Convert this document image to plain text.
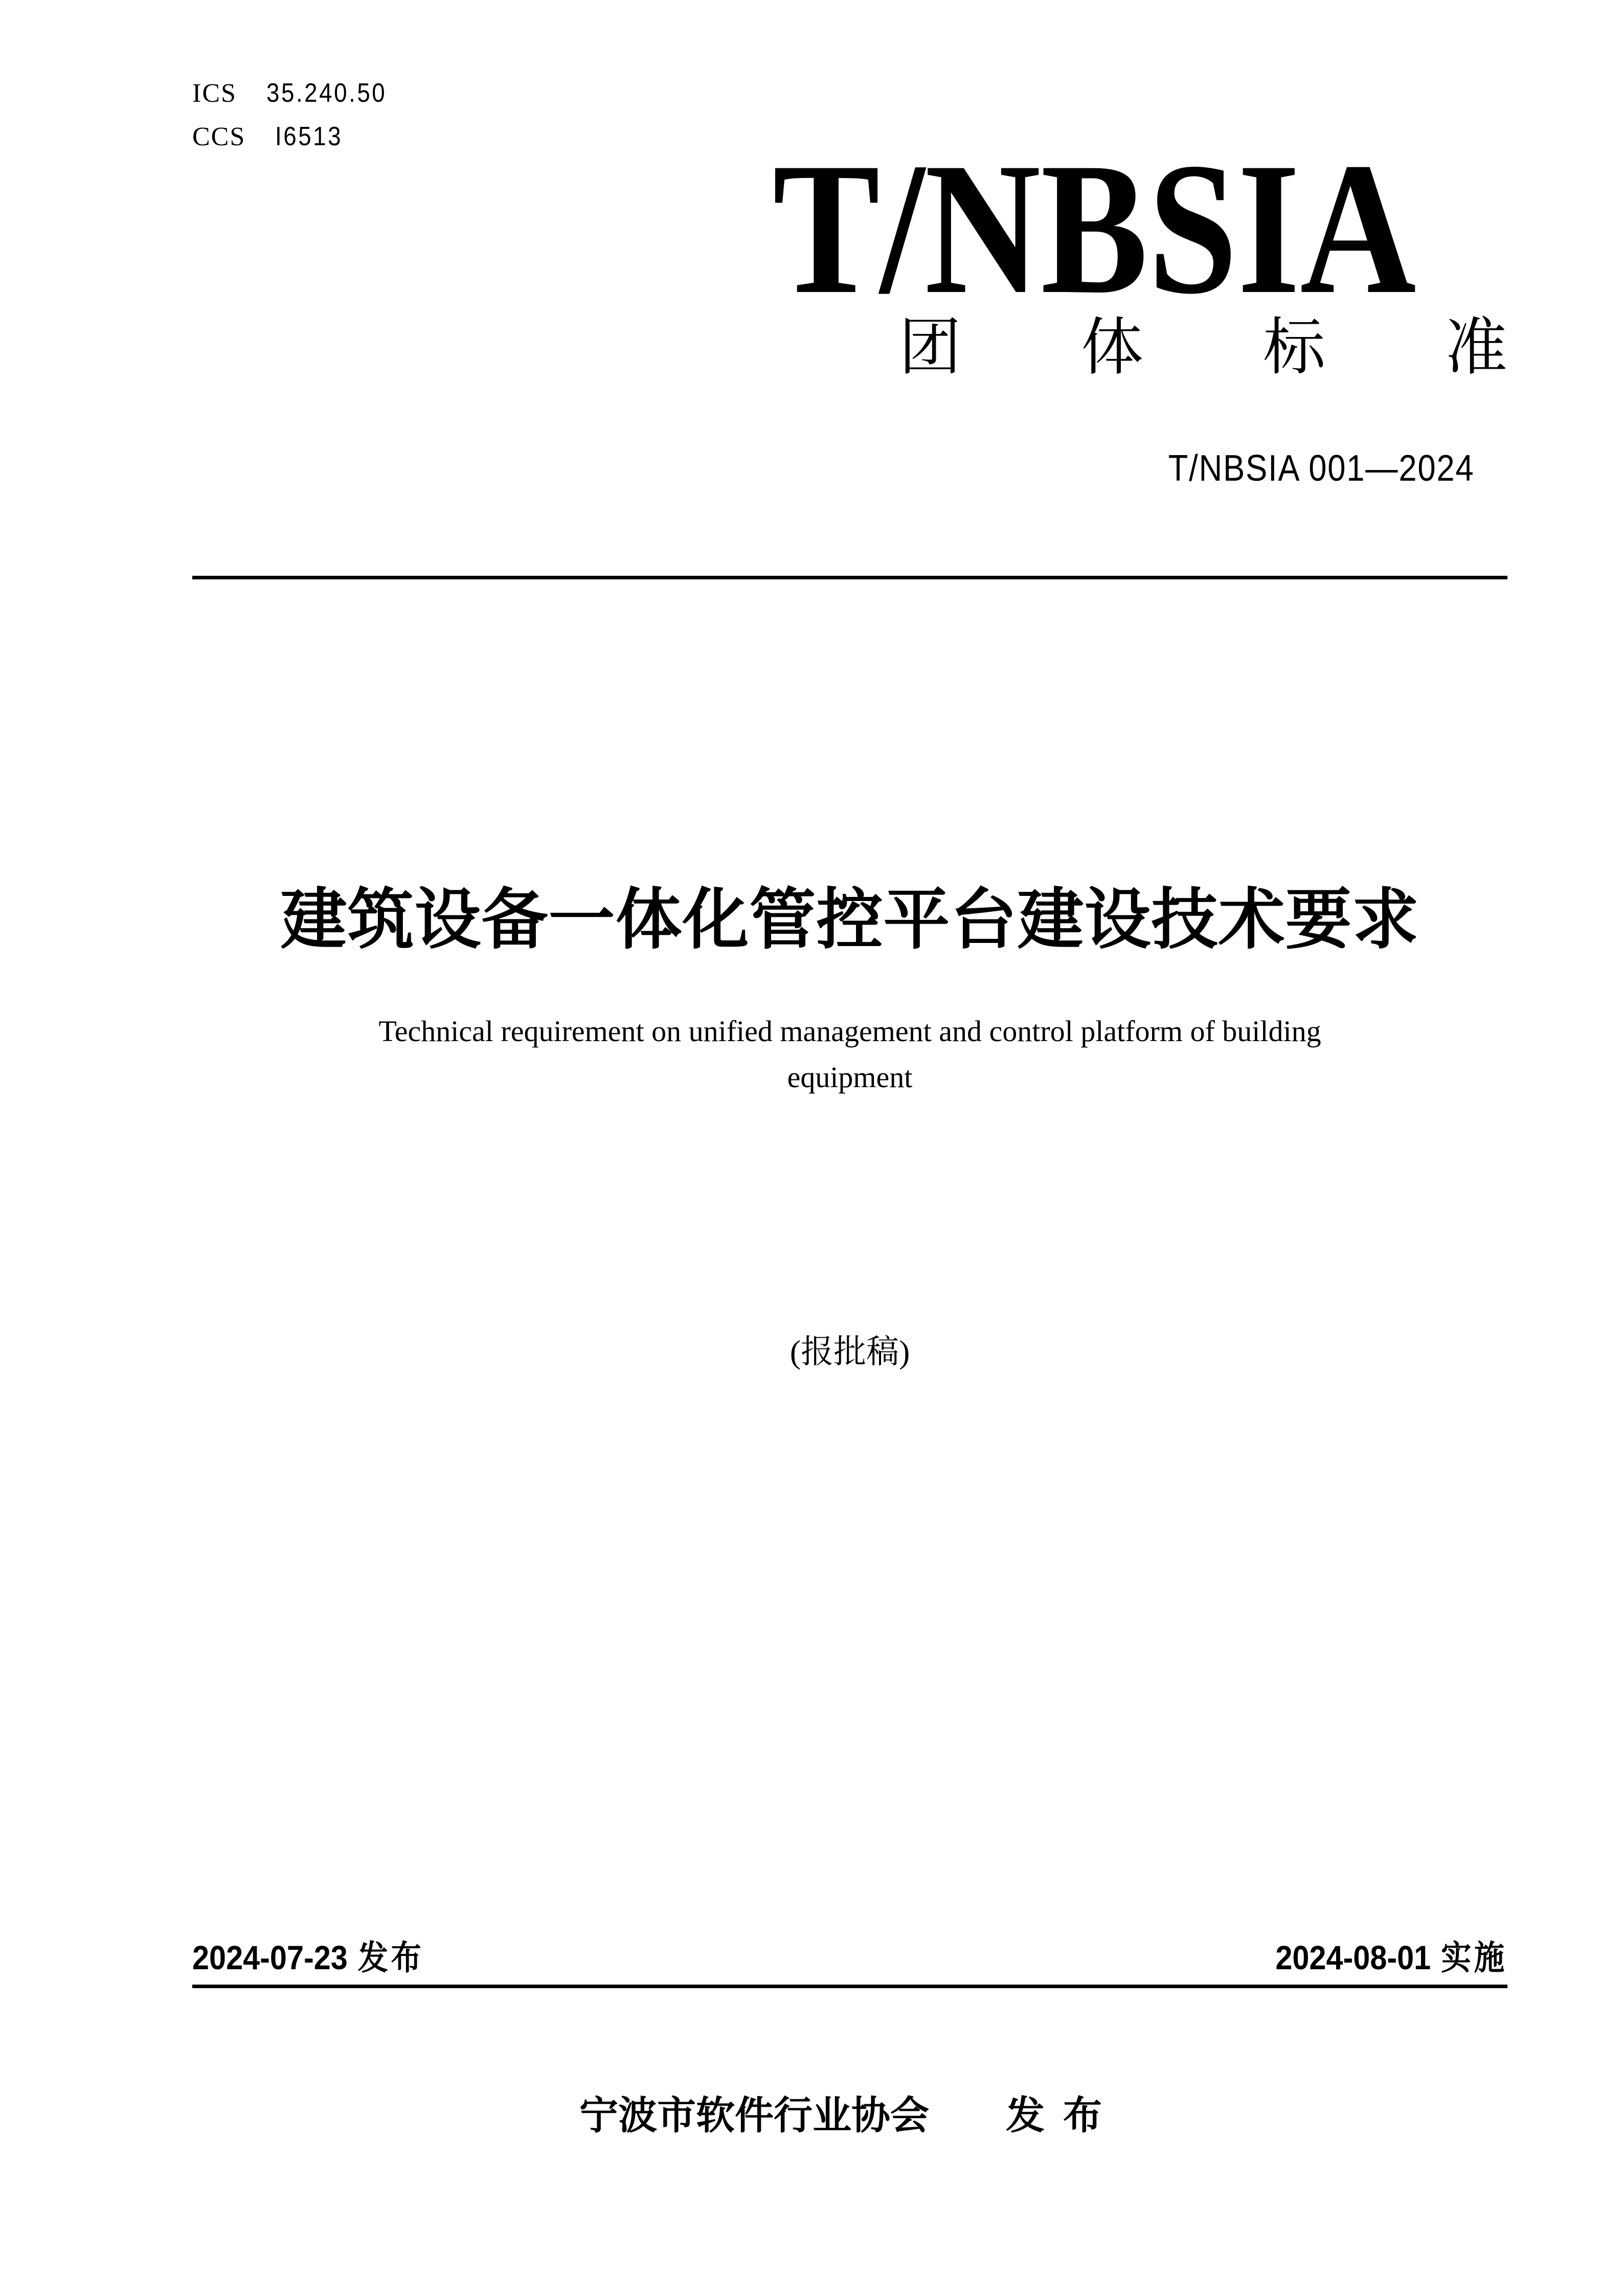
ICS 35.240.50
CCS I6513	T/NBSIA
团体标准
T/NBSIA 001—2024
建筑设备一体化管控平台建设技术要求
Technical requirement on unified management and control platform of building
equipment
(报批稿)
2024-07-23 发布	2024-08-01 实施
宁波市软件行业协会 发布
